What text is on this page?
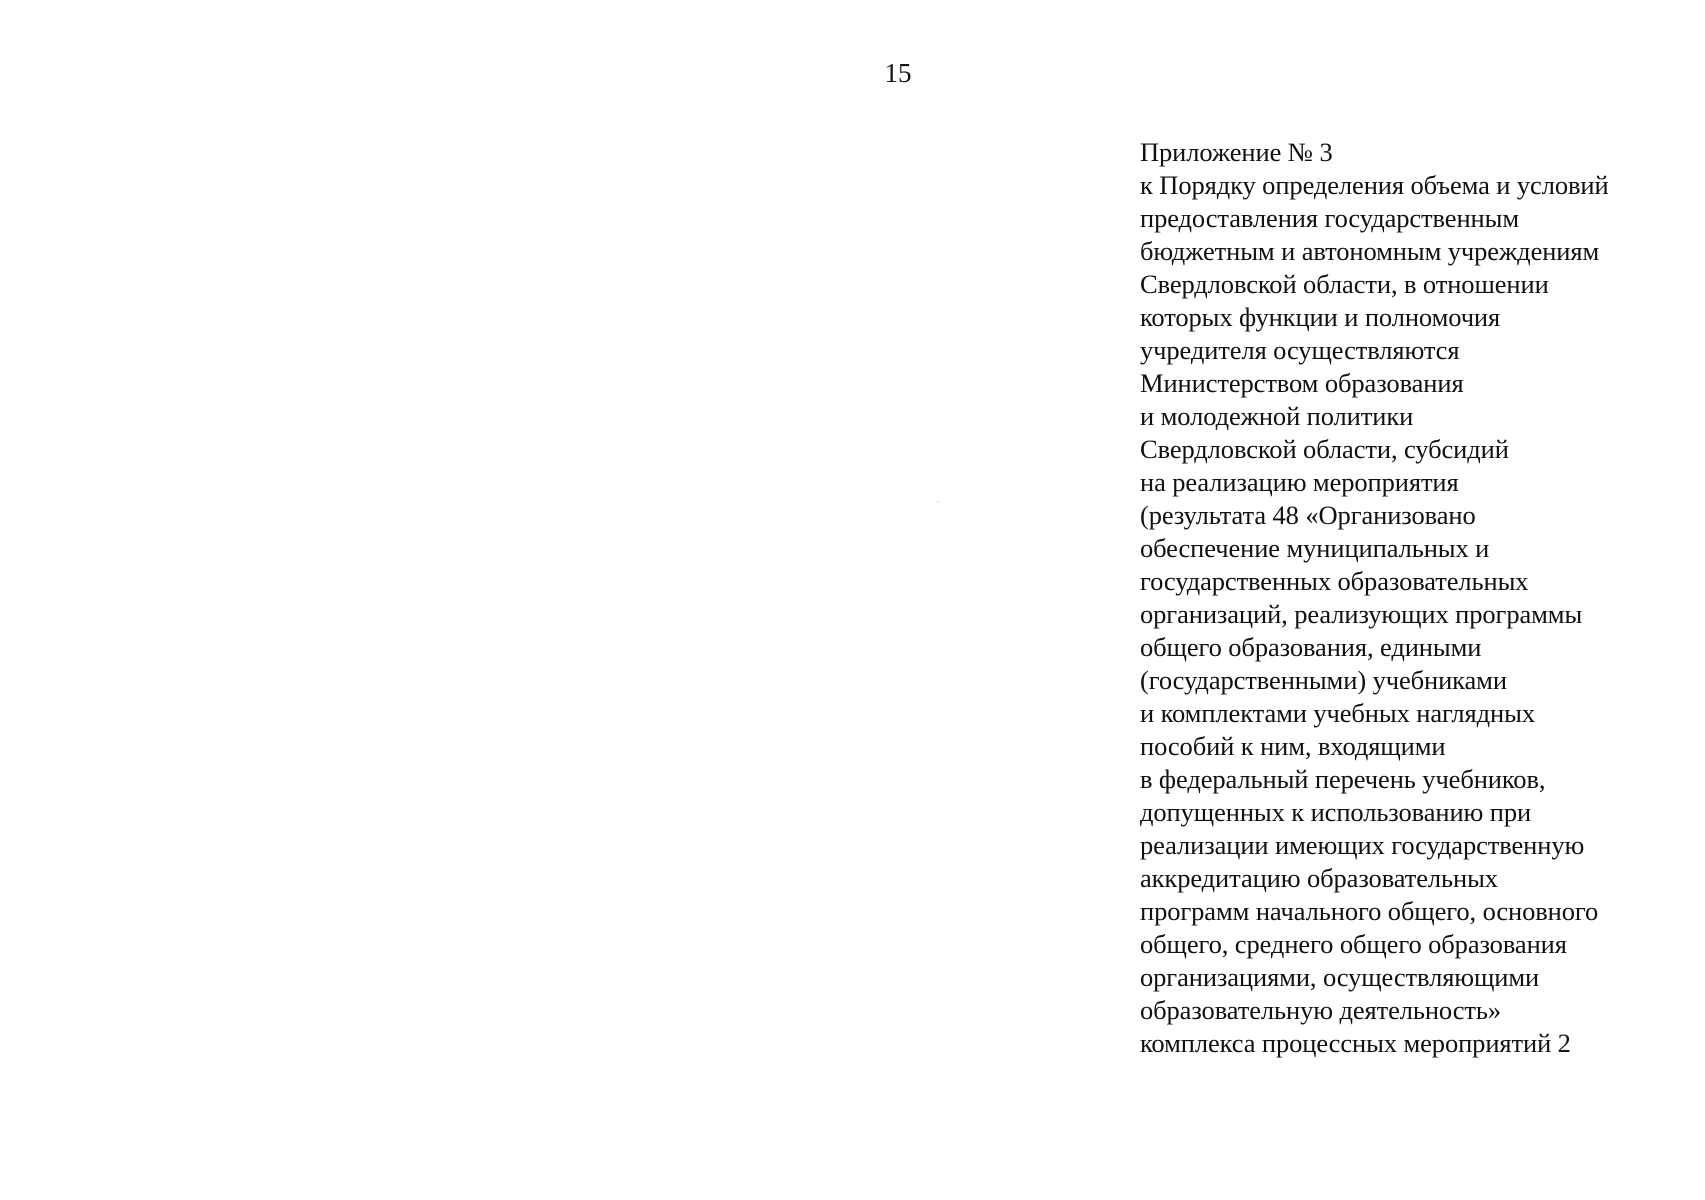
15
Приложение № 3
к Порядку определения объема и условий
предоставления государственным
бюджетным и автономным учреждениям
Свердловской области, в отношении
которых функции и полномочия
учредителя осуществляются
Министерством образования
и молодежной политики
Свердловской области, субсидий
на реализацию мероприятия
(результата 48 «Организовано
обеспечение муниципальных и
государственных образовательных
организаций, реализующих программы
общего образования, едиными
(государственными) учебниками
и комплектами учебных наглядных
пособий к ним, входящими
в федеральный перечень учебников,
допущенных к использованию при
реализации имеющих государственную
аккредитацию образовательных
программ начального общего, основного
общего, среднего общего образования
организациями, осуществляющими
образовательную деятельность»
комплекса процессных мероприятий 2
